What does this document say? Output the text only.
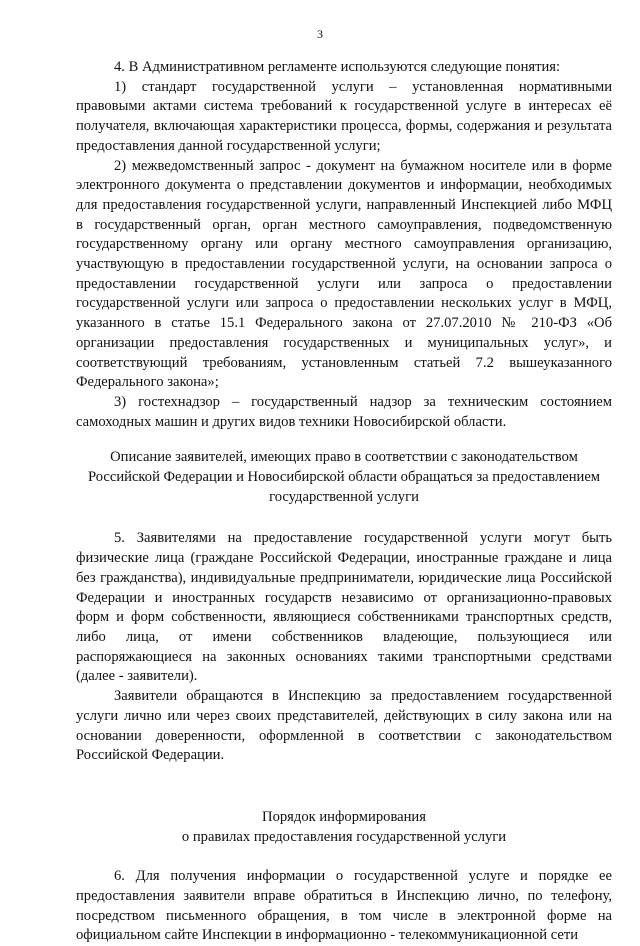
3

4. В Административном регламенте используются следующие понятия:

1) стандарт государственной услуги – установленная нормативными правовыми актами система требований к государственной услуге в интересах её получателя, включающая характеристики процесса, формы, содержания и результата предоставления данной государственной услуги;

2) межведомственный запрос - документ на бумажном носителе или в форме электронного документа о представлении документов и информации, необходимых для предоставления государственной услуги, направленный Инспекцией либо МФЦ в государственный орган, орган местного самоуправления, подведомственную государственному органу или органу местного самоуправления организацию, участвующую в предоставлении государственной услуги, на основании запроса о предоставлении государственной услуги или запроса о предоставлении государственной услуги или запроса о предоставлении нескольких услуг в МФЦ, указанного в статье 15.1 Федерального закона от 27.07.2010 № 210-ФЗ «Об организации предоставления государственных и муниципальных услуг», и соответствующий требованиям, установленным статьей 7.2 вышеуказанного Федерального закона»;

3) гостехнадзор – государственный надзор за техническим состоянием самоходных машин и других видов техники Новосибирской области.

Описание заявителей, имеющих право в соответствии с законодательством
Российской Федерации и Новосибирской области обращаться за предоставлением
государственной услуги

5. Заявителями на предоставление государственной услуги могут быть физические лица (граждане Российской Федерации, иностранные граждане и лица без гражданства), индивидуальные предприниматели, юридические лица Российской Федерации и иностранных государств независимо от организационно-правовых форм и форм собственности, являющиеся собственниками транспортных средств, либо лица, от имени собственников владеющие, пользующиеся или распоряжающиеся на законных основаниях такими транспортными средствами (далее - заявители).

Заявители обращаются в Инспекцию за предоставлением государственной услуги лично или через своих представителей, действующих в силу закона или на основании доверенности, оформленной в соответствии с законодательством Российской Федерации.

Порядок информирования
о правилах предоставления государственной услуги

6. Для получения информации о государственной услуге и порядке ее предоставления заявители вправе обратиться в Инспекцию лично, по телефону, посредством письменного обращения, в том числе в электронной форме на официальном сайте Инспекции в информационно - телекоммуникационной сети
